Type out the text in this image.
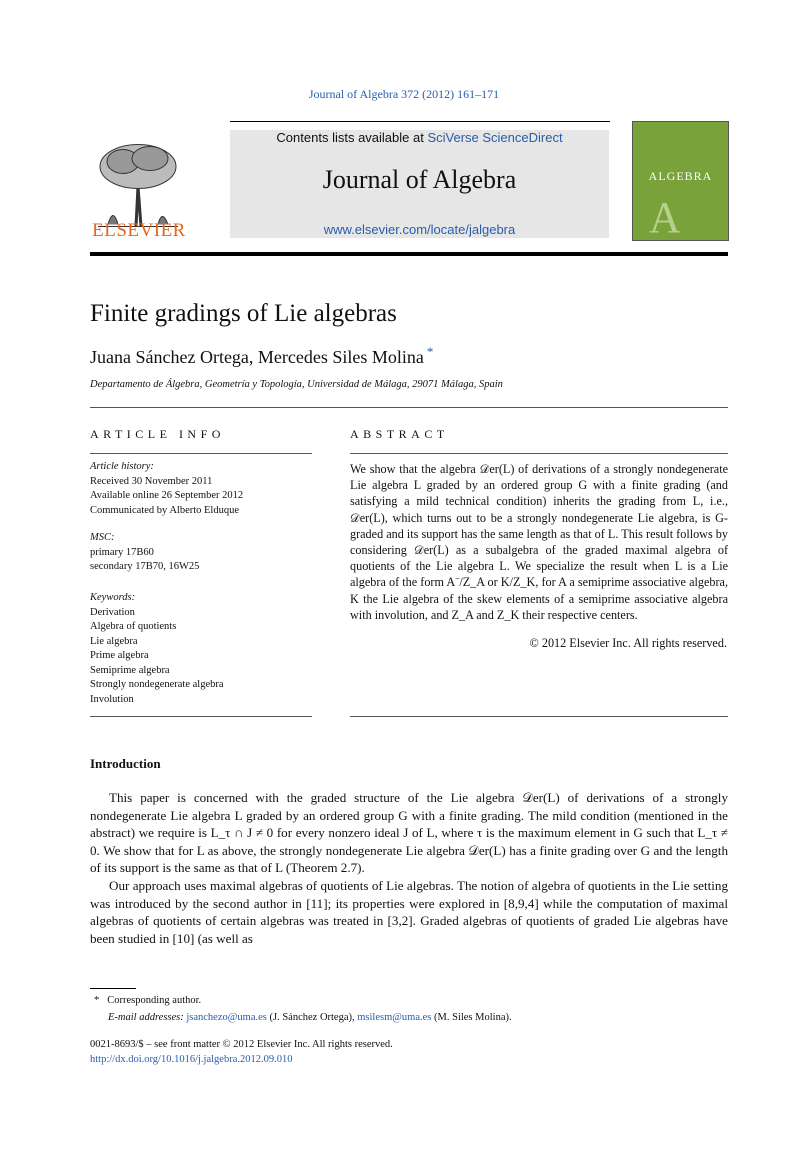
Journal of Algebra 372 (2012) 161–171
Contents lists available at SciVerse ScienceDirect
Journal of Algebra
www.elsevier.com/locate/jalgebra
ELSEVIER
ALGEBRA
A
Finite gradings of Lie algebras
Juana Sánchez Ortega, Mercedes Siles Molina *
Departamento de Álgebra, Geometría y Topología, Universidad de Málaga, 29071 Málaga, Spain
ARTICLE INFO	ABSTRACT
Article history:
Received 30 November 2011
Available online 26 September 2012
Communicated by Alberto Elduque
MSC:
primary 17B60
secondary 17B70, 16W25
Keywords:
Derivation
Algebra of quotients
Lie algebra
Prime algebra
Semiprime algebra
Strongly nondegenerate algebra
Involution
We show that the algebra 𝒟er(L) of derivations of a strongly nondegenerate Lie algebra L graded by an ordered group G with a finite grading (and satisfying a mild technical condition) inherits the grading from L, i.e., 𝒟er(L), which turns out to be a strongly nondegenerate Lie algebra, is G-graded and its support has the same length as that of L. This result follows by considering 𝒟er(L) as a subalgebra of the graded maximal algebra of quotients of the Lie algebra L. We specialize the result when L is a Lie algebra of the form A⁻/Z_A or K/Z_K, for A a semiprime associative algebra, K the Lie algebra of the skew elements of a semiprime associative algebra with involution, and Z_A and Z_K their respective centers.
© 2012 Elsevier Inc. All rights reserved.
Introduction

This paper is concerned with the graded structure of the Lie algebra 𝒟er(L) of derivations of a strongly nondegenerate Lie algebra L graded by an ordered group G with a finite grading. The mild condition (mentioned in the abstract) we require is L_τ ∩ J ≠ 0 for every nonzero ideal J of L, where τ is the maximum element in G such that L_τ ≠ 0. We show that for L as above, the strongly nondegenerate Lie algebra 𝒟er(L) has a finite grading over G and the length of its support is the same as that of L (Theorem 2.7).

Our approach uses maximal algebras of quotients of Lie algebras. The notion of algebra of quotients in the Lie setting was introduced by the second author in [11]; its properties were explored in [8,9,4] while the computation of maximal algebras of quotients of certain algebras was treated in [3,2]. Graded algebras of quotients of graded Lie algebras have been studied in [10] (as well as

* Corresponding author.
E-mail addresses: jsanchezo@uma.es (J. Sánchez Ortega), msilesm@uma.es (M. Siles Molina).
0021-8693/$ – see front matter © 2012 Elsevier Inc. All rights reserved.
http://dx.doi.org/10.1016/j.jalgebra.2012.09.010
